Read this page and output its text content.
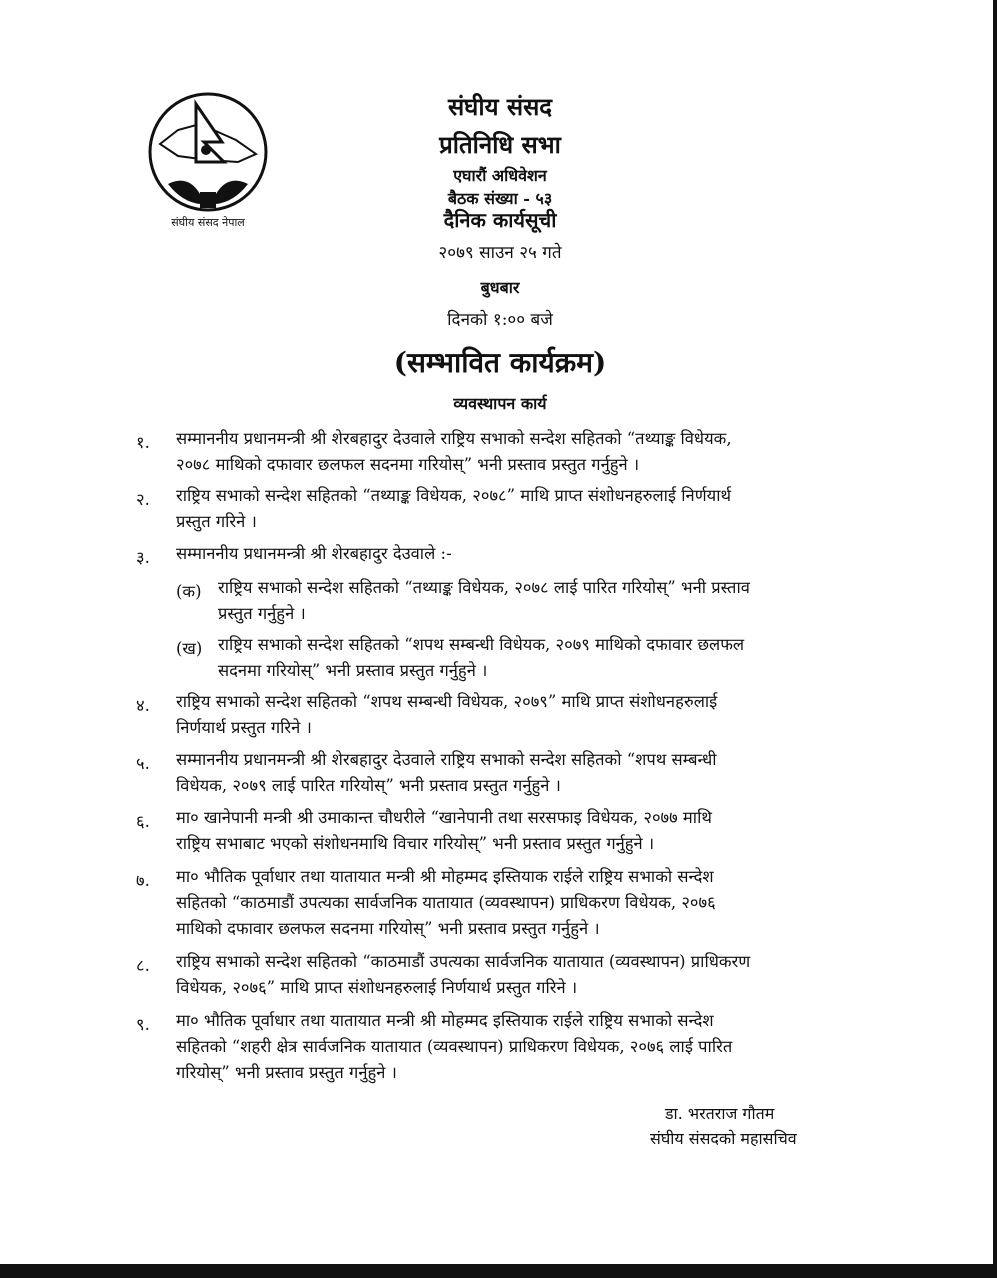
संघीय संसद नेपाल
संघीय संसद
प्रतिनिधि सभा
एघारौं अधिवेशन
बैठक संख्या - ५३
दैनिक कार्यसूची
२०७९ साउन २५ गते
बुधबार
दिनको १:०० बजे
(सम्भावित कार्यक्रम)
व्यवस्थापन कार्य
१. सम्माननीय प्रधानमन्त्री श्री शेरबहादुर देउवाले राष्ट्रिय सभाको सन्देश सहितको “तथ्याङ्क विधेयक,
२०७८ माथिको दफावार छलफल सदनमा गरियोस्” भनी प्रस्ताव प्रस्तुत गर्नुहुने ।
२. राष्ट्रिय सभाको सन्देश सहितको “तथ्याङ्क विधेयक, २०७८” माथि प्राप्त संशोधनहरुलाई निर्णयार्थ
प्रस्तुत गरिने ।
३. सम्माननीय प्रधानमन्त्री श्री शेरबहादुर देउवाले :-
(क) राष्ट्रिय सभाको सन्देश सहितको “तथ्याङ्क विधेयक, २०७८ लाई पारित गरियोस्” भनी प्रस्ताव
प्रस्तुत गर्नुहुने ।
(ख) राष्ट्रिय सभाको सन्देश सहितको “शपथ सम्बन्धी विधेयक, २०७९ माथिको दफावार छलफल
सदनमा गरियोस्” भनी प्रस्ताव प्रस्तुत गर्नुहुने ।
४. राष्ट्रिय सभाको सन्देश सहितको “शपथ सम्बन्धी विधेयक, २०७९” माथि प्राप्त संशोधनहरुलाई
निर्णयार्थ प्रस्तुत गरिने ।
५. सम्माननीय प्रधानमन्त्री श्री शेरबहादुर देउवाले राष्ट्रिय सभाको सन्देश सहितको “शपथ सम्बन्धी
विधेयक, २०७९ लाई पारित गरियोस्” भनी प्रस्ताव प्रस्तुत गर्नुहुने ।
६. मा० खानेपानी मन्त्री श्री उमाकान्त चौधरीले “खानेपानी तथा सरसफाइ विधेयक, २०७७ माथि
राष्ट्रिय सभाबाट भएको संशोधनमाथि विचार गरियोस्” भनी प्रस्ताव प्रस्तुत गर्नुहुने ।
७. मा० भौतिक पूर्वाधार तथा यातायात मन्त्री श्री मोहम्मद इस्तियाक राईले राष्ट्रिय सभाको सन्देश
सहितको “काठमाडौं उपत्यका सार्वजनिक यातायात (व्यवस्थापन) प्राधिकरण विधेयक, २०७६
माथिको दफावार छलफल सदनमा गरियोस्” भनी प्रस्ताव प्रस्तुत गर्नुहुने ।
८. राष्ट्रिय सभाको सन्देश सहितको “काठमाडौं उपत्यका सार्वजनिक यातायात (व्यवस्थापन) प्राधिकरण
विधेयक, २०७६” माथि प्राप्त संशोधनहरुलाई निर्णयार्थ प्रस्तुत गरिने ।
९. मा० भौतिक पूर्वाधार तथा यातायात मन्त्री श्री मोहम्मद इस्तियाक राईले राष्ट्रिय सभाको सन्देश
सहितको “शहरी क्षेत्र सार्वजनिक यातायात (व्यवस्थापन) प्राधिकरण विधेयक, २०७६ लाई पारित
गरियोस्” भनी प्रस्ताव प्रस्तुत गर्नुहुने ।
डा. भरतराज गौतम
संघीय संसदको महासचिव
